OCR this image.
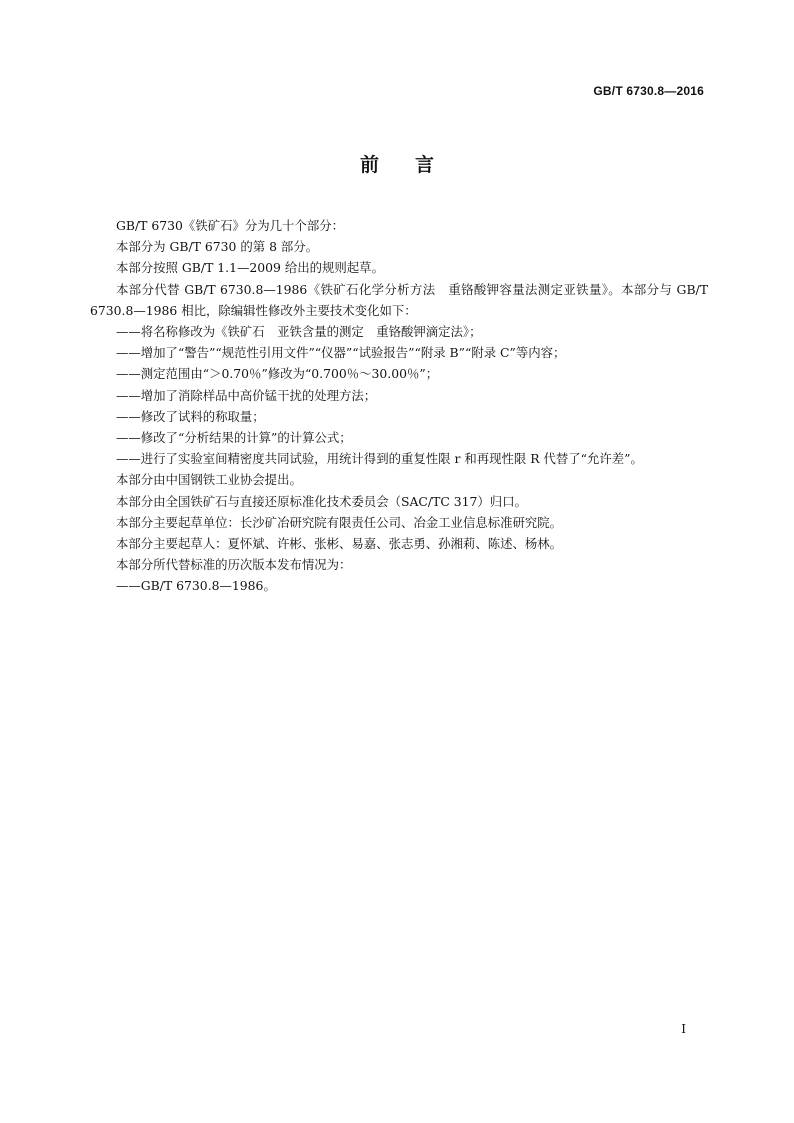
GB/T 6730.8—2016
前言

GB/T 6730《铁矿石》分为几十个部分：

本部分为 GB/T 6730 的第 8 部分。

本部分按照 GB/T 1.1—2009 给出的规则起草。

本部分代替 GB/T 6730.8—1986《铁矿石化学分析方法　重铬酸钾容量法测定亚铁量》。本部分与 GB/T 6730.8—1986 相比，除编辑性修改外主要技术变化如下：

——将名称修改为《铁矿石　亚铁含量的测定　重铬酸钾滴定法》；

——增加了“警告”“规范性引用文件”“仪器”“试验报告”“附录 B”“附录 C”等内容；

——测定范围由“＞0.70％”修改为“0.700％～30.00％”；

——增加了消除样品中高价锰干扰的处理方法；

——修改了试料的称取量；

——修改了“分析结果的计算”的计算公式；

——进行了实验室间精密度共同试验，用统计得到的重复性限 r 和再现性限 R 代替了“允许差”。

本部分由中国钢铁工业协会提出。

本部分由全国铁矿石与直接还原标准化技术委员会（SAC/TC 317）归口。

本部分主要起草单位：长沙矿冶研究院有限责任公司、冶金工业信息标准研究院。

本部分主要起草人：夏怀斌、许彬、张彬、易嘉、张志勇、孙湘莉、陈述、杨林。

本部分所代替标准的历次版本发布情况为：

——GB/T 6730.8—1986。

I
